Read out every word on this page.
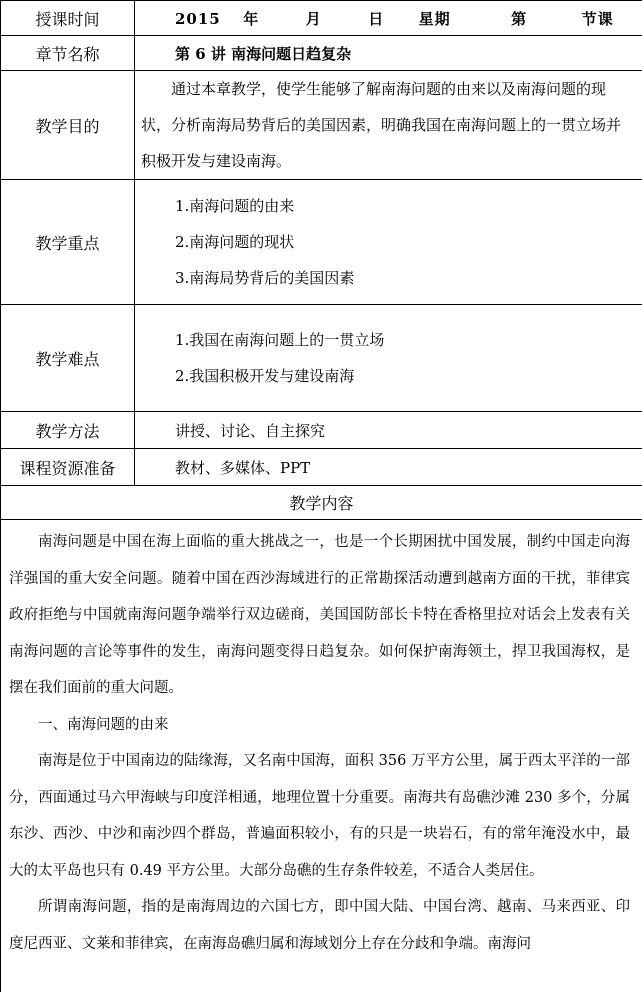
授课时间	2015 年 月 日 星期 第 节课
章节名称	第 6 讲 南海问题日趋复杂
教学目的	通过本章教学，使学生能够了解南海问题的由来以及南海问题的现状，分析南海局势背后的美国因素，明确我国在南海问题上的一贯立场并积极开发与建设南海。

教学重点	1.南海问题的由来
2.南海问题的现状
3.南海局势背后的美国因素

教学难点	1.我国在南海问题上的一贯立场
2.我国积极开发与建设南海

教学方法	讲授、讨论、自主探究
课程资源准备	教材、多媒体、PPT
教学内容	

南海问题是中国在海上面临的重大挑战之一，也是一个长期困扰中国发展，制约中国走向海洋强国的重大安全问题。随着中国在西沙海域进行的正常勘探活动遭到越南方面的干扰，菲律宾政府拒绝与中国就南海问题争端举行双边磋商，美国国防部长卡特在香格里拉对话会上发表有关南海问题的言论等事件的发生，南海问题变得日趋复杂。如何保护南海领土，捍卫我国海权，是摆在我们面前的重大问题。

一、南海问题的由来

南海是位于中国南边的陆缘海，又名南中国海，面积 356 万平方公里，属于西太平洋的一部分，西面通过马六甲海峡与印度洋相通，地理位置十分重要。南海共有岛礁沙滩 230 多个，分属东沙、西沙、中沙和南沙四个群岛，普遍面积较小，有的只是一块岩石，有的常年淹没水中，最大的太平岛也只有 0.49 平方公里。大部分岛礁的生存条件较差，不适合人类居住。

所谓南海问题，指的是南海周边的六国七方，即中国大陆、中国台湾、越南、马来西亚、印度尼西亚、文莱和菲律宾，在南海岛礁归属和海域划分上存在分歧和争端。南海问	
